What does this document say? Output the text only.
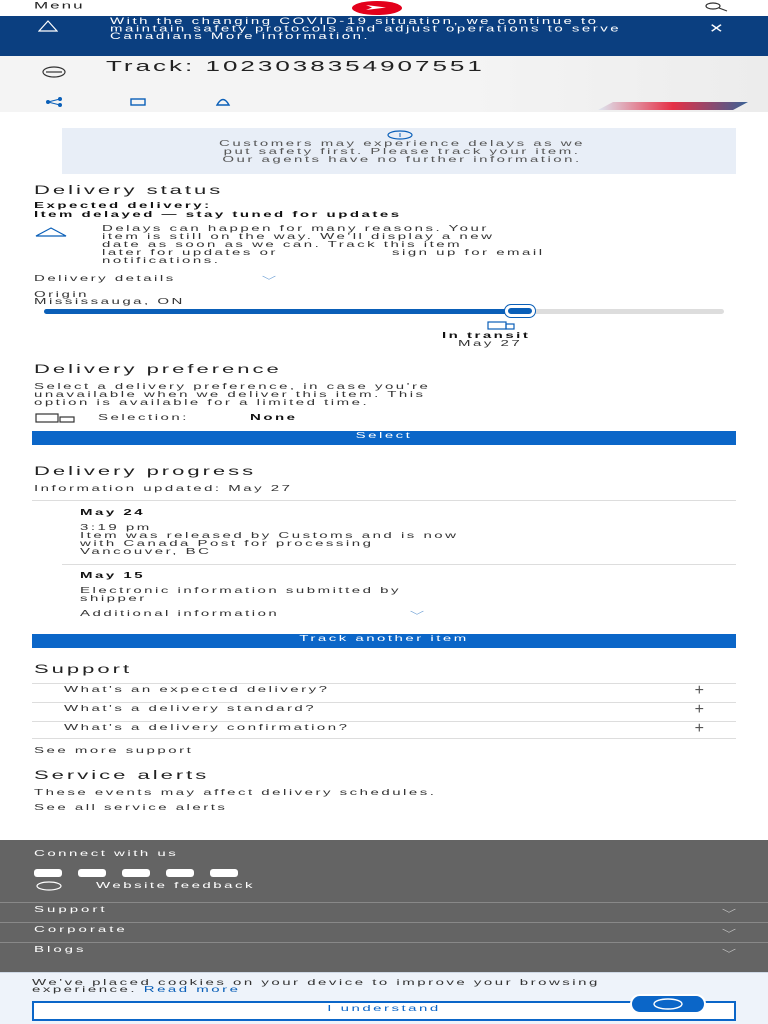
Menu
With the changing COVID-19 situation, we continue to maintain safety protocols and adjust operations to serve Canadians More information.
✕
Track: 1023038354907551

Customers may experience delays as we
put safety first. Please track your item.
Our agents have no further information.
Delivery status
Expected delivery:
Item delayed — stay tuned for updates
Delays can happen for many reasons. Your
item is still on the way. We'll display a new
date as soon as we can. Track this item
later for updates or	sign up for email
notifications.
Delivery details	﹀
Origin
Mississauga, ON
In transit
May 27
Delivery preference
Select a delivery preference, in case you're
unavailable when we deliver this item. This
option is available for a limited time.
Selection:	None
Select
Delivery progress
Information updated: May 27
May 24
3:19 pm
Item was released by Customs and is now
with Canada Post for processing
Vancouver, BC
May 15
Electronic information submitted by
shipper
Additional information	﹀
Track another item
Support
What's an expected delivery?	+
What's a delivery standard?	+
What's a delivery confirmation?	+
See more support
Service alerts
These events may affect delivery schedules.
See all service alerts
Connect with us
Website feedback
Support	﹀
Corporate	﹀
Blogs	﹀
We've placed cookies on your device to improve your browsing
experience. Read more
I understand
